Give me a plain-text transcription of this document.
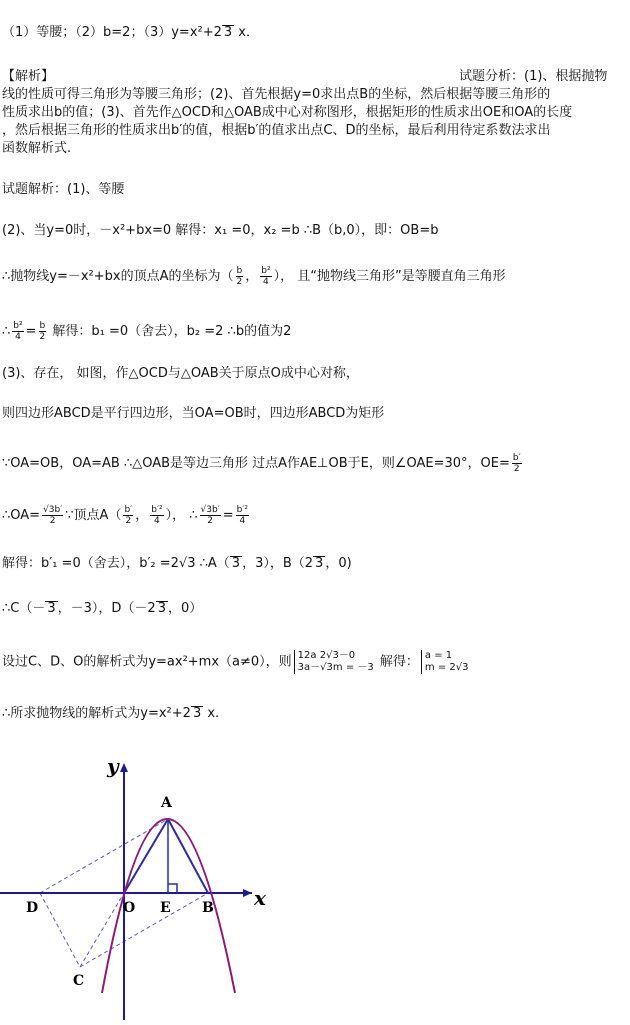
（1）等腰；（2）b=2；（3）y=x²+2 3 x．
【解析】	试题分析：(1)、根据抛物
线的性质可得三角形为等腰三角形；(2)、首先根据y=0求出点B的坐标，然后根据等腰三角形的
性质求出b的值；(3)、首先作△OCD和△OAB成中心对称图形，根据矩形的性质求出OE和OA的长度
，然后根据三角形的性质求出b′的值，根据b′的值求出点C、D的坐标，最后利用待定系数法求出
函数解析式.
试题解析：(1)、等腰
(2)、当y=0时，－x²+bx=0 解得：x₁ =0，x₂ =b ∴B（b,0），即：OB=b
∴抛物线y=－x²+bx的顶点A的坐标为（ $\frac{b}{2}$ ， $\frac{\text{b²}}{4}$ ）， 且“抛物线三角形”是等腰直角三角形
∴ $\frac{\text{b²}}{4} = \frac{b}{2}$ 解得：b₁ =0（舍去），b₂ =2 ∴b的值为2
(3)、存在， 如图，作△OCD与△OAB关于原点O成中心对称，
则四边形ABCD是平行四边形，当OA=OB时，四边形ABCD为矩形
∵OA=OB，OA=AB ∴△OAB是等边三角形 过点A作AE⊥OB于E，则∠OAE=30°，$OE= \frac{b'}{2}$
∴OA= $\frac{√3b'}{2}$ ∵顶点$A( \frac{b'}{2}$ ， $\frac{\text{b′²}}{4}$ ）， ∴ $\frac{√3b'}{2} = \frac{\text{b′²}}{4}$
解得：b′₁ =0（舍去），b′₂ =2√3 ∴A（ 3 ，3），B（2 3 ，0)
∴C（－ 3 ，－3），D（－2 3 ，0）
设过C、D、O的解析式为y=ax²+mx（a≠0），则 12a 2√3－0
3a－√3m = －3 解得： a = 1
m = 2√3
∴所求抛物线的解析式为y=x²+2 3 x.
y
x
A
O E B
D
C
